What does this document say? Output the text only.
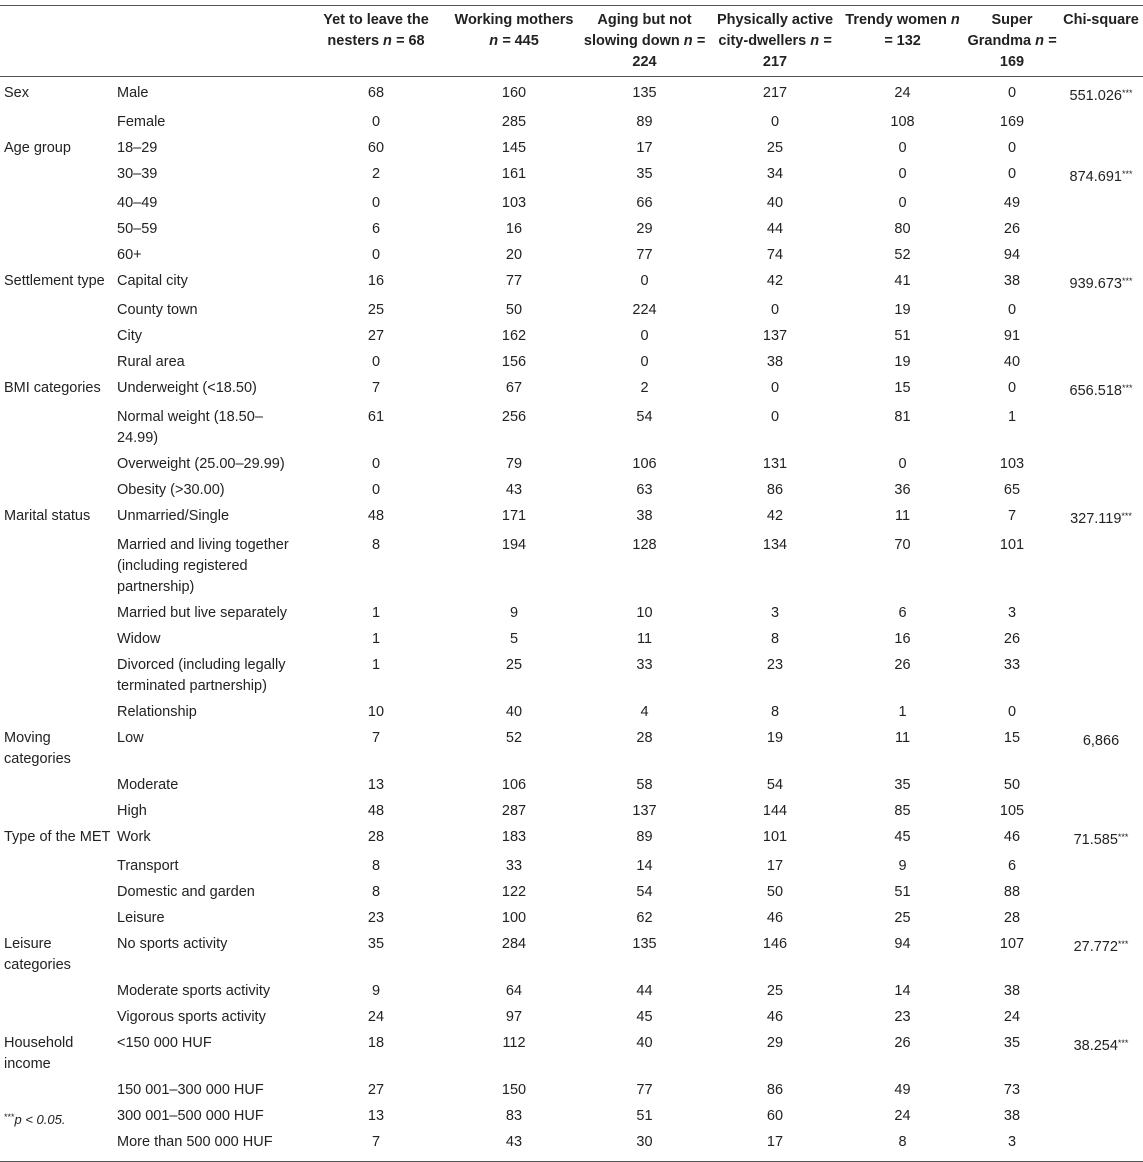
		Yet to leave the nesters n = 68	Working mothers n = 445	Aging but not slowing down n = 224	Physically active city-dwellers n = 217	Trendy women n = 132	Super Grandma n = 169	Chi-square
Sex	Male	68	160	135	217	24	0	551.026***
	Female	0	285	89	0	108	169	
Age group	18–29	60	145	17	25	0	0	
	30–39	2	161	35	34	0	0	874.691***
	40–49	0	103	66	40	0	49	
	50–59	6	16	29	44	80	26	
	60+	0	20	77	74	52	94	
Settlement type	Capital city	16	77	0	42	41	38	939.673***
	County town	25	50	224	0	19	0	
	City	27	162	0	137	51	91	
	Rural area	0	156	0	38	19	40	
BMI categories	Underweight (<18.50)	7	67	2	0	15	0	656.518***
	Normal weight (18.50–24.99)	61	256	54	0	81	1	
	Overweight (25.00–29.99)	0	79	106	131	0	103	
	Obesity (>30.00)	0	43	63	86	36	65	
Marital status	Unmarried/Single	48	171	38	42	11	7	327.119***
	Married and living together (including registered partnership)	8	194	128	134	70	101	
	Married but live separately	1	9	10	3	6	3	
	Widow	1	5	11	8	16	26	
	Divorced (including legally terminated partnership)	1	25	33	23	26	33	
	Relationship	10	40	4	8	1	0	
Moving categories	Low	7	52	28	19	11	15	6,866
	Moderate	13	106	58	54	35	50	
	High	48	287	137	144	85	105	
Type of the MET	Work	28	183	89	101	45	46	71.585***
	Transport	8	33	14	17	9	6	
	Domestic and garden	8	122	54	50	51	88	
	Leisure	23	100	62	46	25	28	
Leisure categories	No sports activity	35	284	135	146	94	107	27.772***
	Moderate sports activity	9	64	44	25	14	38	
	Vigorous sports activity	24	97	45	46	23	24	
Household income	<150 000 HUF	18	112	40	29	26	35	38.254***
	150 001–300 000 HUF	27	150	77	86	49	73	
	300 001–500 000 HUF	13	83	51	60	24	38	
	More than 500 000 HUF	7	43	30	17	8	3	
***p < 0.05.
